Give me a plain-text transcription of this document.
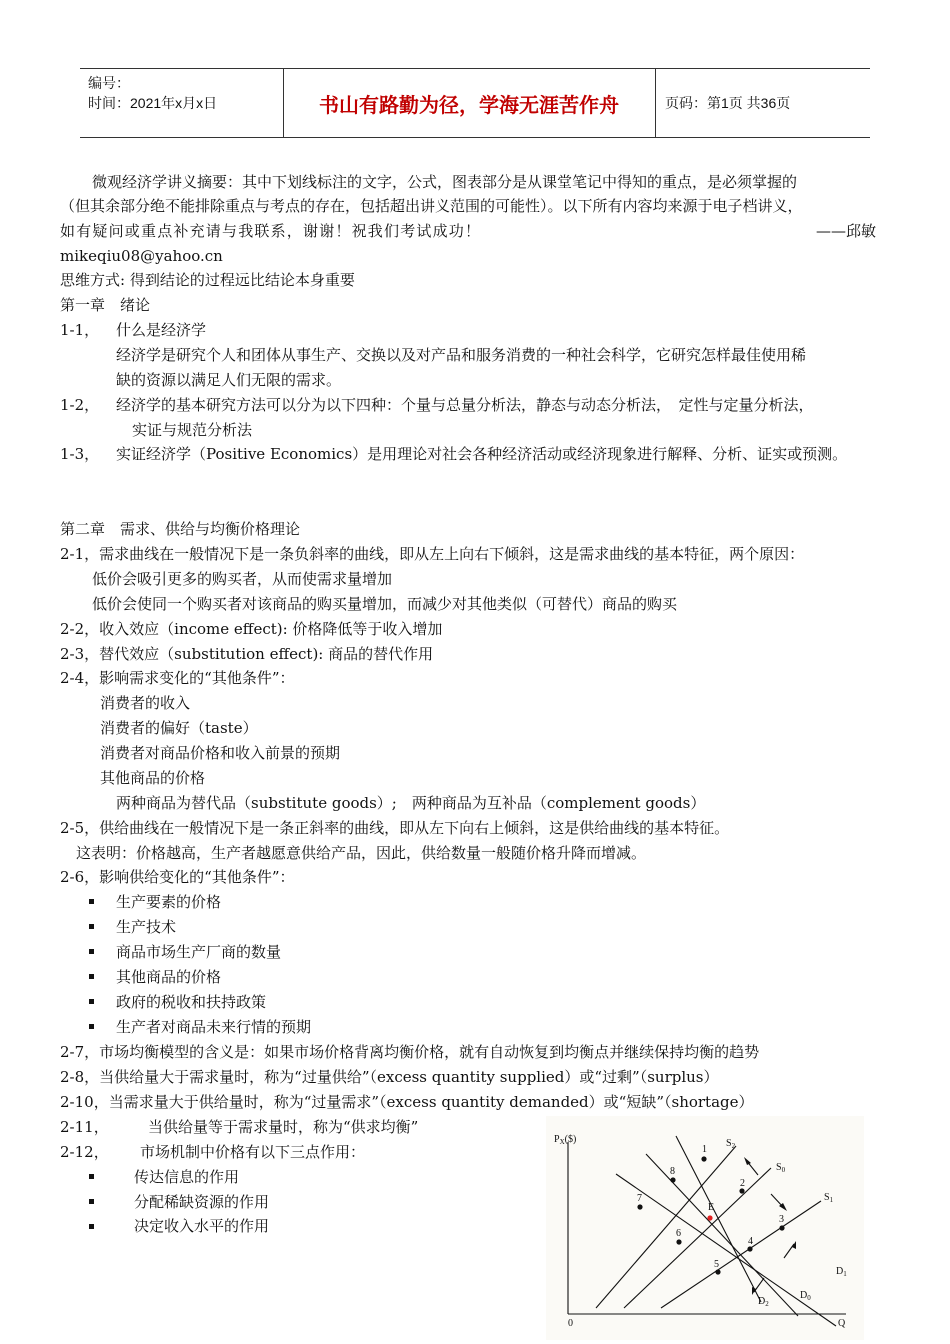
编号：
时间：2021年x月x日	书山有路勤为径，学海无涯苦作舟	页码：第1页 共36页
微观经济学讲义摘要：其中下划线标注的文字，公式，图表部分是从课堂笔记中得知的重点，是必须掌握的
（但其余部分绝不能排除重点与考点的存在，包括超出讲义范围的可能性）。以下所有内容均来源于电子档讲义，
如有疑问或重点补充请与我联系，谢谢！祝我们考试成功！	——邱敏
mikeqiu08@yahoo.cn
思维方式: 得到结论的过程远比结论本身重要
第一章　绪论
1-1， 什么是经济学
经济学是研究个人和团体从事生产、交换以及对产品和服务消费的一种社会科学，它研究怎样最佳使用稀
缺的资源以满足人们无限的需求。
1-2， 经济学的基本研究方法可以分为以下四种：个量与总量分析法，静态与动态分析法，　定性与定量分析法，
实证与规范分析法
1-3， 实证经济学（Positive Economics）是用理论对社会各种经济活动或经济现象进行解释、分析、证实或预测。
第二章　需求、供给与均衡价格理论
2-1，需求曲线在一般情况下是一条负斜率的曲线，即从左上向右下倾斜，这是需求曲线的基本特征，两个原因：
低价会吸引更多的购买者，从而使需求量增加
低价会使同一个购买者对该商品的购买量增加，而减少对其他类似（可替代）商品的购买
2-2，收入效应（income effect): 价格降低等于收入增加
2-3，替代效应（substitution effect): 商品的替代作用
2-4，影响需求变化的“其他条件”：
消费者的收入
消费者的偏好（taste）
消费者对商品价格和收入前景的预期
其他商品的价格
两种商品为替代品（substitute goods）;　两种商品为互补品（complement goods）
2-5，供给曲线在一般情况下是一条正斜率的曲线，即从左下向右上倾斜，这是供给曲线的基本特征。
这表明：价格越高，生产者越愿意供给产品，因此，供给数量一般随价格升降而增减。
2-6，影响供给变化的“其他条件”：
生产要素的价格
生产技术
商品市场生产厂商的数量
其他商品的价格
政府的税收和扶持政策
生产者对商品未来行情的预期
2-7，市场均衡模型的含义是：如果市场价格背离均衡价格，就有自动恢复到均衡点并继续保持均衡的趋势
2-8，当供给量大于需求量时，称为“过量供给”（excess quantity supplied）或“过剩”（surplus）
2-10，当需求量大于供给量时，称为“过量需求”（excess quantity demanded）或“短缺”（shortage）
2-11，	当供给量等于需求量时，称为“供求均衡”
2-12， 市场机制中价格有以下三点作用：
传达信息的作用
分配稀缺资源的作用
决定收入水平的作用
$P_X(\$)$
Q
0
$S_2$
$S_0$
$S_1$
$D_1$
$D_0$
$D_2$
E
1
2
3
4
5
6
7
8
